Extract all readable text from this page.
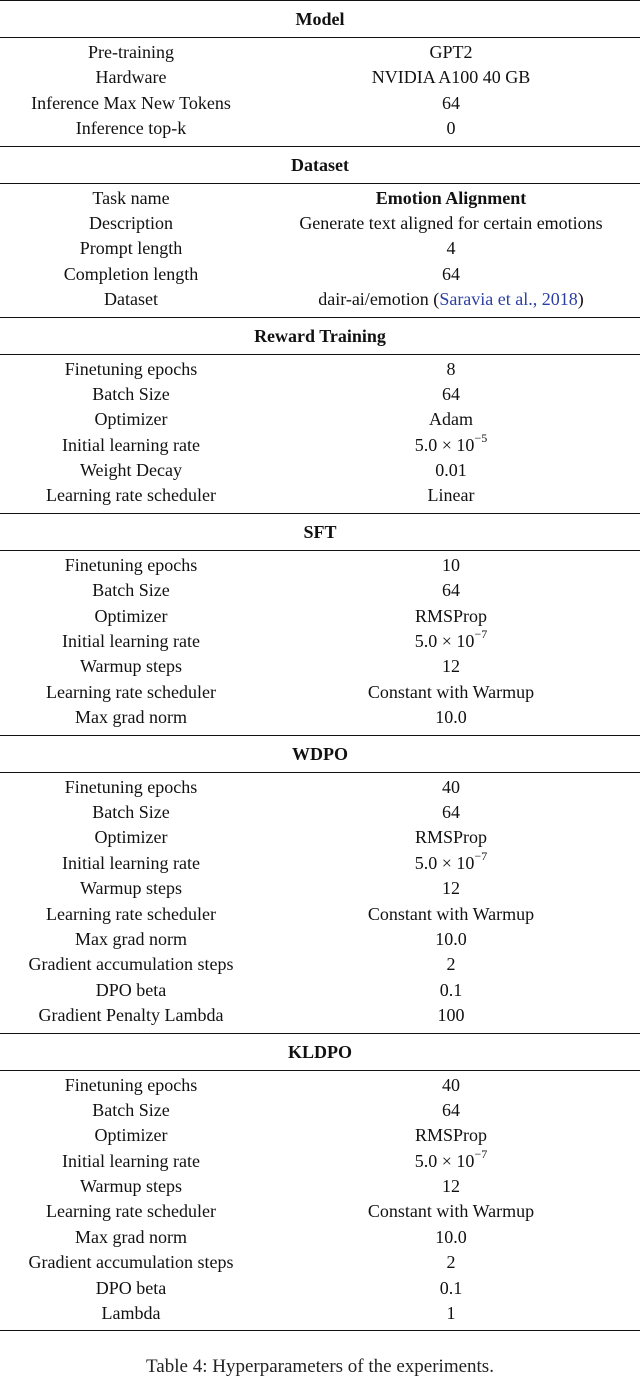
Model
Pre-training	GPT2
Hardware	NVIDIA A100 40 GB
Inference Max New Tokens	64
Inference top-k	0
Dataset
Task name	Emotion Alignment
Description	Generate text aligned for certain emotions
Prompt length	4
Completion length	64
Dataset	dair-ai/emotion (Saravia et al., 2018)
Reward Training
Finetuning epochs	8
Batch Size	64
Optimizer	Adam
Initial learning rate	$5.0 \times 10^{-5}$
Weight Decay	0.01
Learning rate scheduler	Linear
SFT
Finetuning epochs	10
Batch Size	64
Optimizer	RMSProp
Initial learning rate	$5.0 \times 10^{-7}$
Warmup steps	12
Learning rate scheduler	Constant with Warmup
Max grad norm	10.0
WDPO
Finetuning epochs	40
Batch Size	64
Optimizer	RMSProp
Initial learning rate	$5.0 \times 10^{-7}$
Warmup steps	12
Learning rate scheduler	Constant with Warmup
Max grad norm	10.0
Gradient accumulation steps	2
DPO beta	0.1
Gradient Penalty Lambda	100
KLDPO
Finetuning epochs	40
Batch Size	64
Optimizer	RMSProp
Initial learning rate	$5.0 \times 10^{-7}$
Warmup steps	12
Learning rate scheduler	Constant with Warmup
Max grad norm	10.0
Gradient accumulation steps	2
DPO beta	0.1
Lambda	1
Table 4: Hyperparameters of the experiments.
